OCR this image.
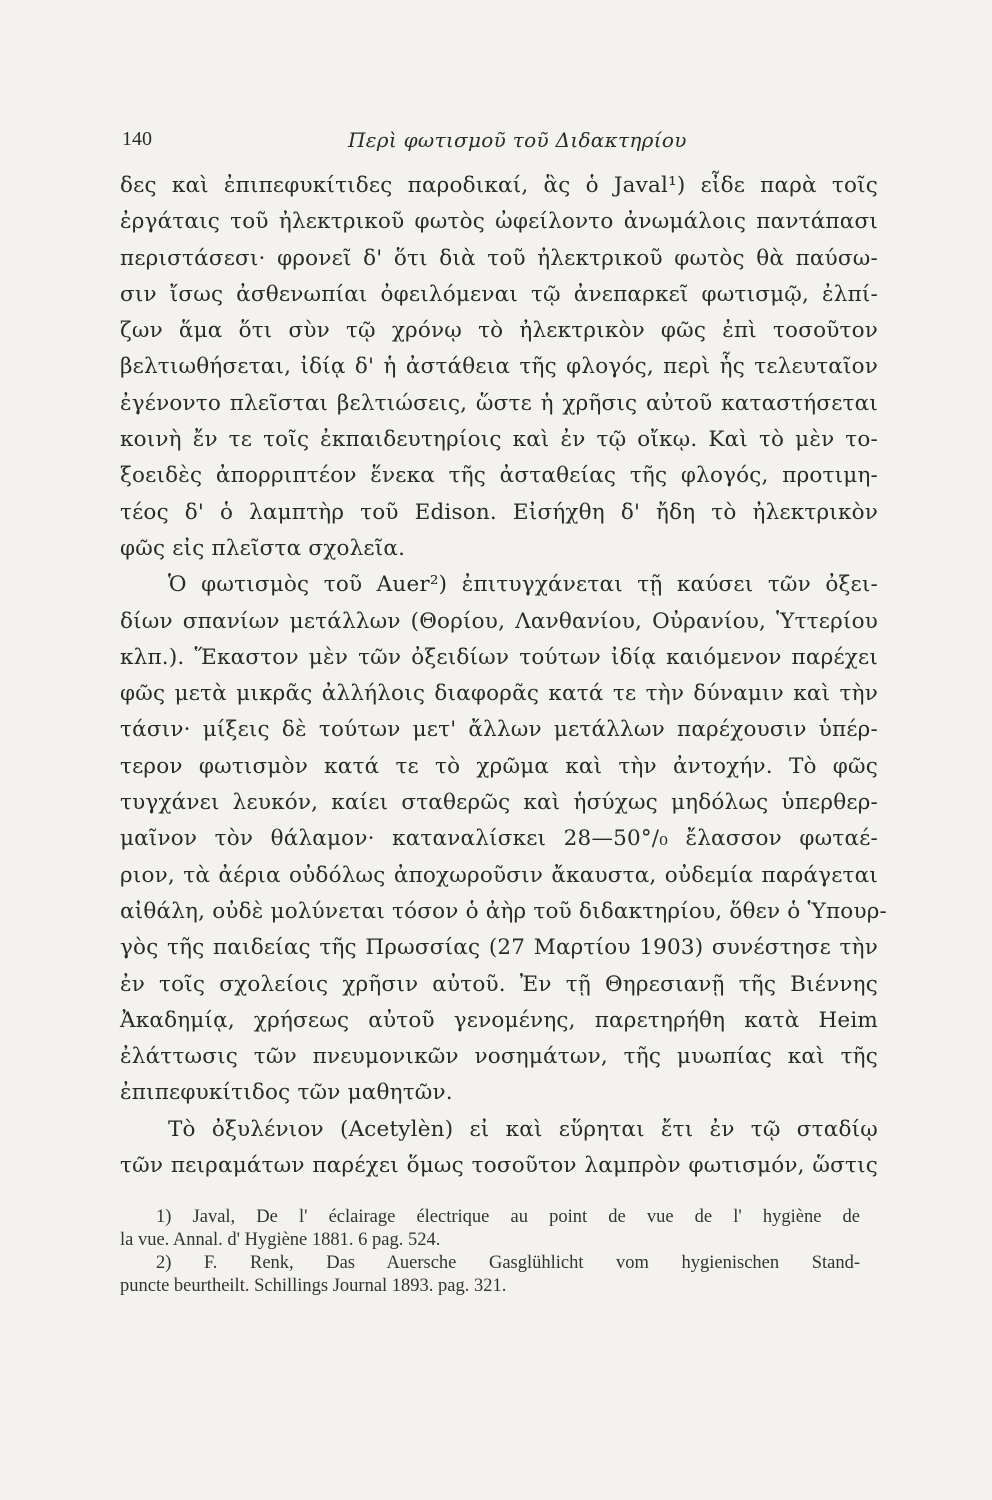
140	Περὶ φωτισμοῦ τοῦ Διδακτηρίου
δες καὶ ἐπιπεφυκίτιδες παροδικαί, ἃς ὁ Javal¹) εἶδε παρὰ τοῖς
ἐργάταις τοῦ ἠλεκτρικοῦ φωτὸς ὠφείλοντο ἀνωμάλοις παντάπασι
περιστάσεσι· φρονεῖ δ' ὅτι διὰ τοῦ ἠλεκτρικοῦ φωτὸς θὰ παύσω-
σιν ἴσως ἀσθενωπίαι ὀφειλόμεναι τῷ ἀνεπαρκεῖ φωτισμῷ, ἐλπί-
ζων ἅμα ὅτι σὺν τῷ χρόνῳ τὸ ἠλεκτρικὸν φῶς ἐπὶ τοσοῦτον
βελτιωθήσεται, ἰδίᾳ δ' ἡ ἀστάθεια τῆς φλογός, περὶ ἧς τελευταῖον
ἐγένοντο πλεῖσται βελτιώσεις, ὥστε ἡ χρῆσις αὐτοῦ καταστήσεται
κοινὴ ἔν τε τοῖς ἐκπαιδευτηρίοις καὶ ἐν τῷ οἴκῳ. Καὶ τὸ μὲν το-
ξοειδὲς ἀπορριπτέον ἕνεκα τῆς ἀσταθείας τῆς φλογός, προτιμη-
τέος δ' ὁ λαμπτὴρ τοῦ Edison. Εἰσήχθη δ' ἤδη τὸ ἠλεκτρικὸν
φῶς εἰς πλεῖστα σχολεῖα.
Ὁ φωτισμὸς τοῦ Auer²) ἐπιτυγχάνεται τῇ καύσει τῶν ὀξει-
δίων σπανίων μετάλλων (Θορίου, Λανθανίου, Οὐρανίου, Ὑττερίου
κλπ.). Ἕκαστον μὲν τῶν ὀξειδίων τούτων ἰδίᾳ καιόμενον παρέχει
φῶς μετὰ μικρᾶς ἀλλήλοις διαφορᾶς κατά τε τὴν δύναμιν καὶ τὴν
τάσιν· μίξεις δὲ τούτων μετ' ἄλλων μετάλλων παρέχουσιν ὑπέρ-
τερον φωτισμὸν κατά τε τὸ χρῶμα καὶ τὴν ἀντοχήν. Τὸ φῶς
τυγχάνει λευκόν, καίει σταθερῶς καὶ ἡσύχως μηδόλως ὑπερθερ-
μαῖνον τὸν θάλαμον· καταναλίσκει 28—50°/₀ ἔλασσον φωταέ-
ριον, τὰ ἀέρια οὐδόλως ἀποχωροῦσιν ἄκαυστα, οὐδεμία παράγεται
αἰθάλη, οὐδὲ μολύνεται τόσον ὁ ἀὴρ τοῦ διδακτηρίου, ὅθεν ὁ Ὑπουρ-
γὸς τῆς παιδείας τῆς Πρωσσίας (27 Μαρτίου 1903) συνέστησε τὴν
ἐν τοῖς σχολείοις χρῆσιν αὐτοῦ. Ἐν τῇ Θηρεσιανῇ τῆς Βιέννης
Ἀκαδημίᾳ, χρήσεως αὐτοῦ γενομένης, παρετηρήθη κατὰ Heim
ἐλάττωσις τῶν πνευμονικῶν νοσημάτων, τῆς μυωπίας καὶ τῆς
ἐπιπεφυκίτιδος τῶν μαθητῶν.
Τὸ ὀξυλένιον (Acetylèn) εἰ καὶ εὕρηται ἔτι ἐν τῷ σταδίῳ
τῶν πειραμάτων παρέχει ὅμως τοσοῦτον λαμπρὸν φωτισμόν, ὥστις
1) Javal, De l' éclairage électrique au point de vue de l' hygiène de
la vue. Annal. d' Hygiène 1881. 6 pag. 524.
2) F. Renk, Das Auersche Gasglühlicht vom hygienischen Stand-
puncte beurtheilt. Schillings Journal 1893. pag. 321.
